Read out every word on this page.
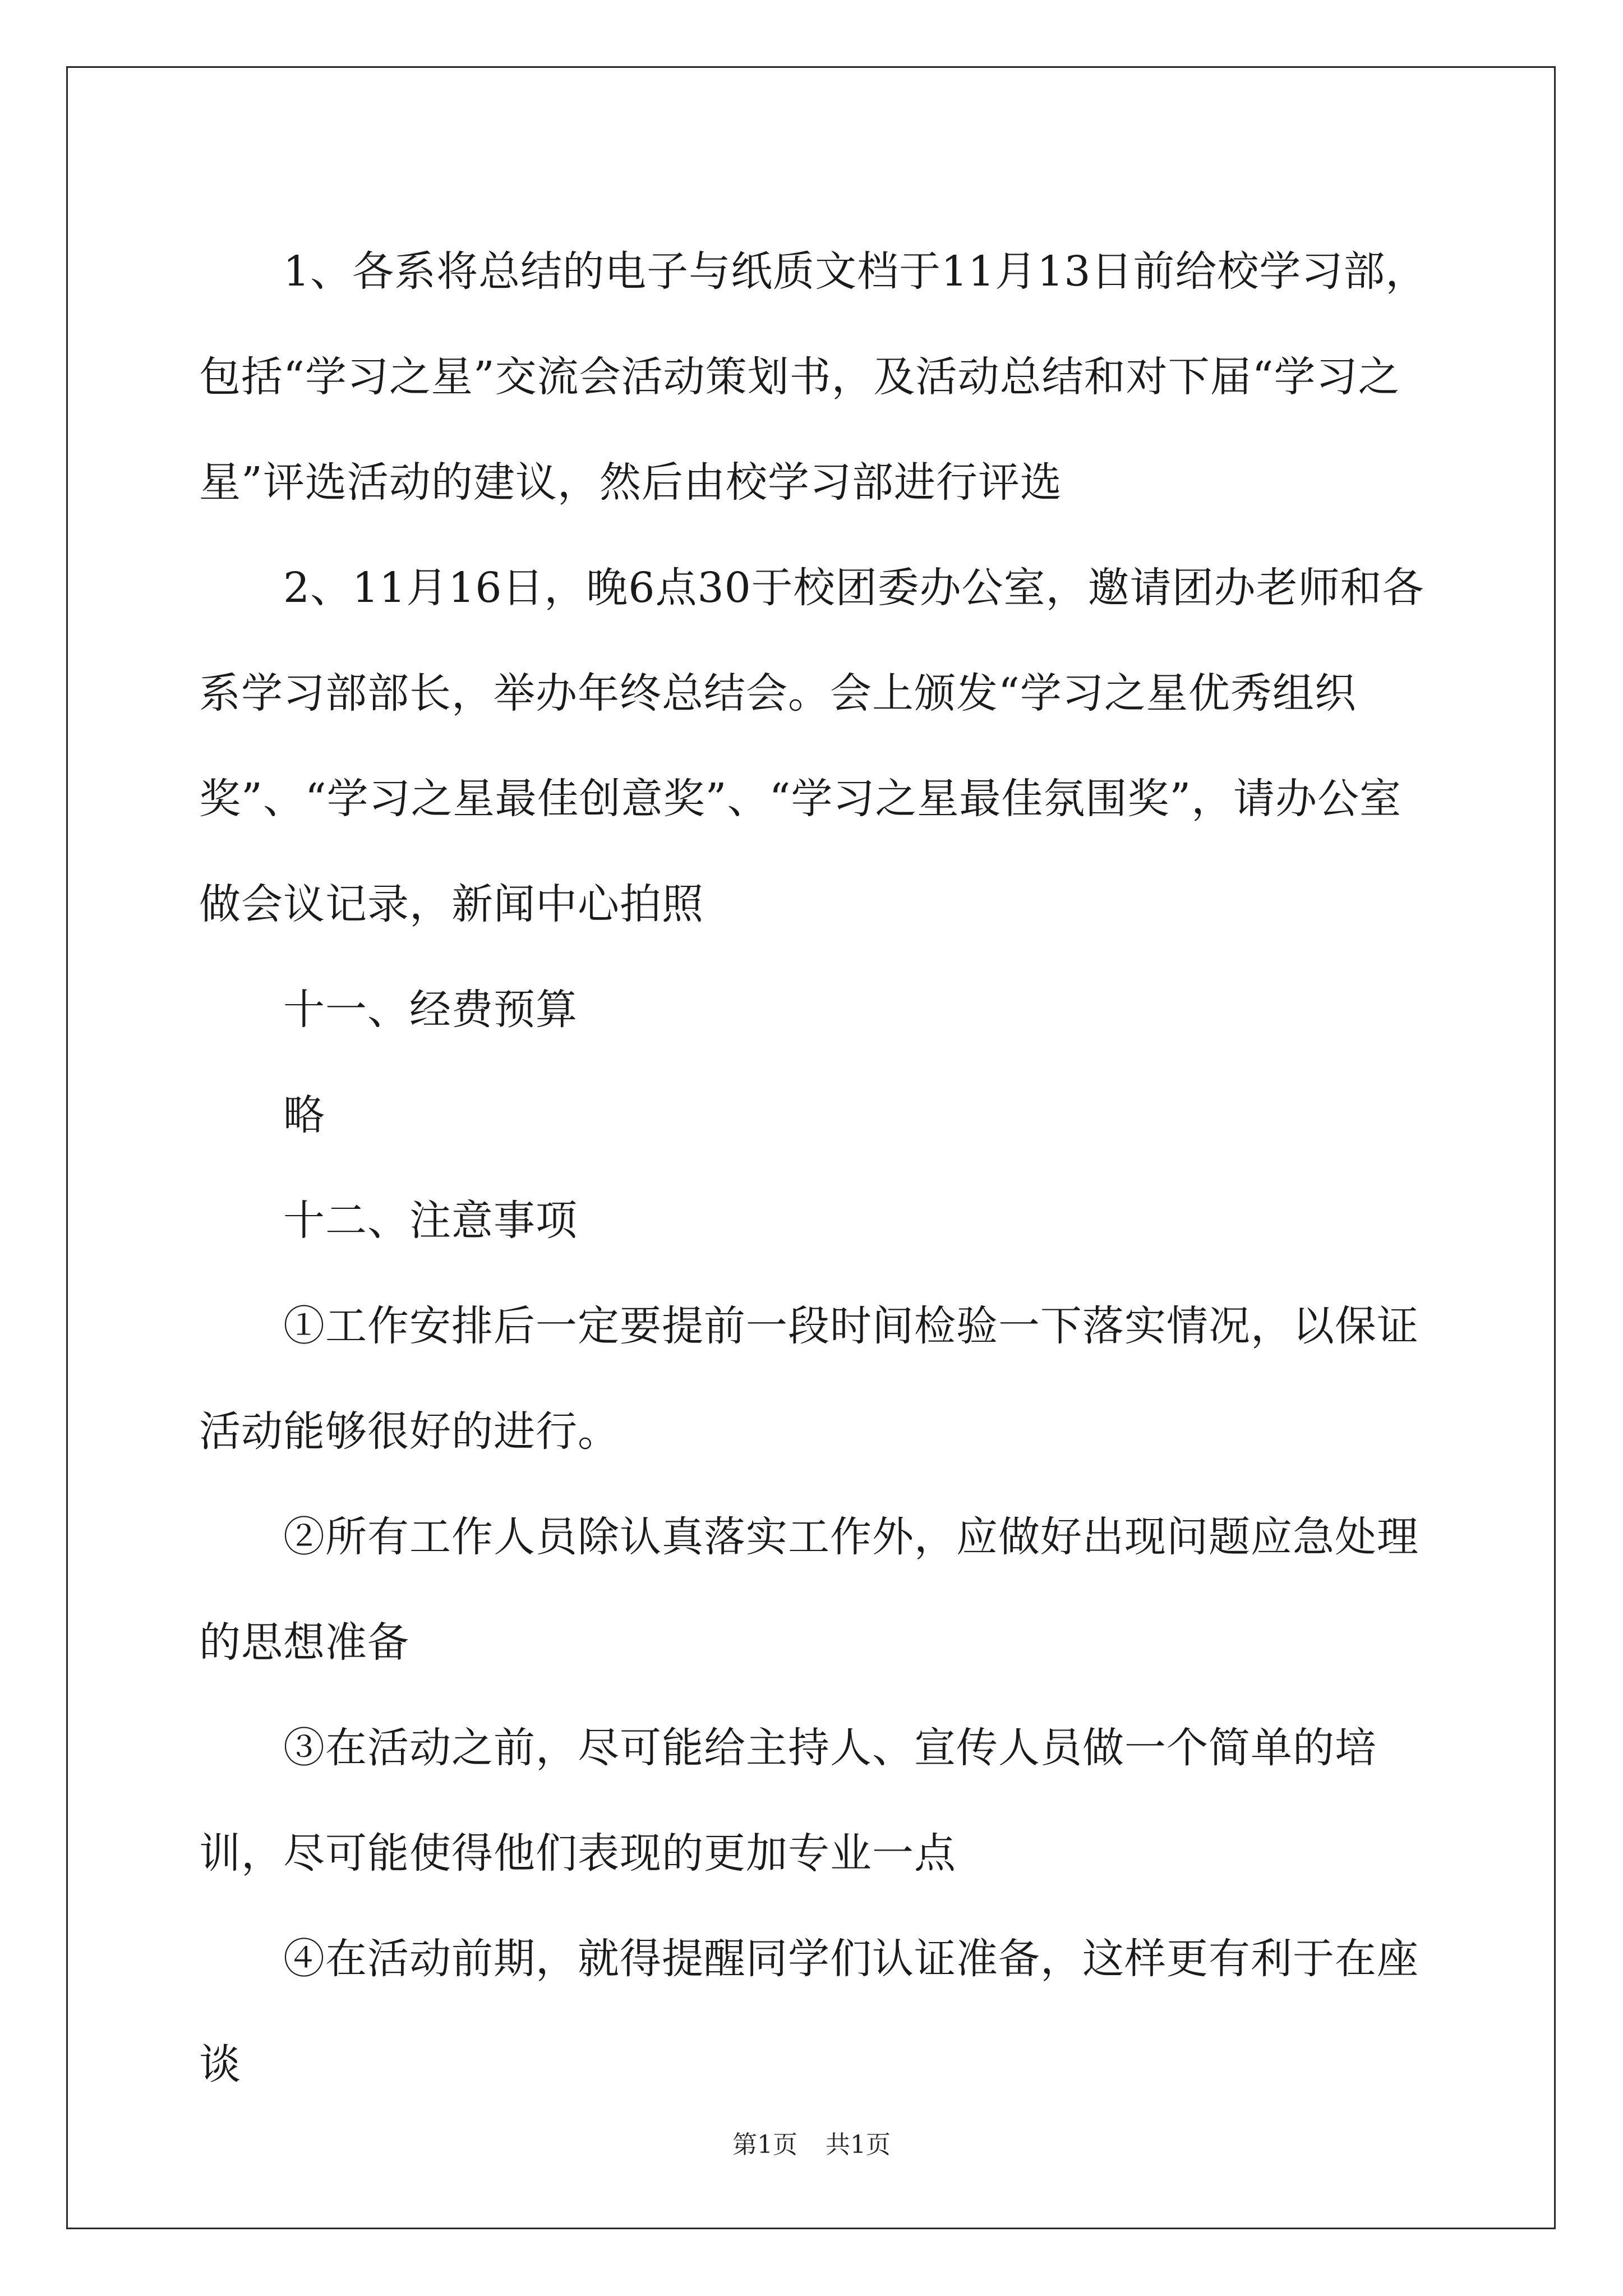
1、各系将总结的电子与纸质文档于11月13日前给校学习部，包括“学习之星”交流会活动策划书，及活动总结和对下届“学习之星”评选活动的建议，然后由校学习部进行评选

2、11月16日，晚6点30于校团委办公室，邀请团办老师和各系学习部部长，举办年终总结会。会上颁发“学习之星优秀组织奖”、“学习之星最佳创意奖”、“学习之星最佳氛围奖”，请办公室做会议记录，新闻中心拍照

十一、经费预算

略

十二、注意事项

①工作安排后一定要提前一段时间检验一下落实情况，以保证活动能够很好的进行。

②所有工作人员除认真落实工作外，应做好出现问题应急处理的思想准备

③在活动之前，尽可能给主持人、宣传人员做一个简单的培训，尽可能使得他们表现的更加专业一点

④在活动前期，就得提醒同学们认证准备，这样更有利于在座谈

第1页 共1页
